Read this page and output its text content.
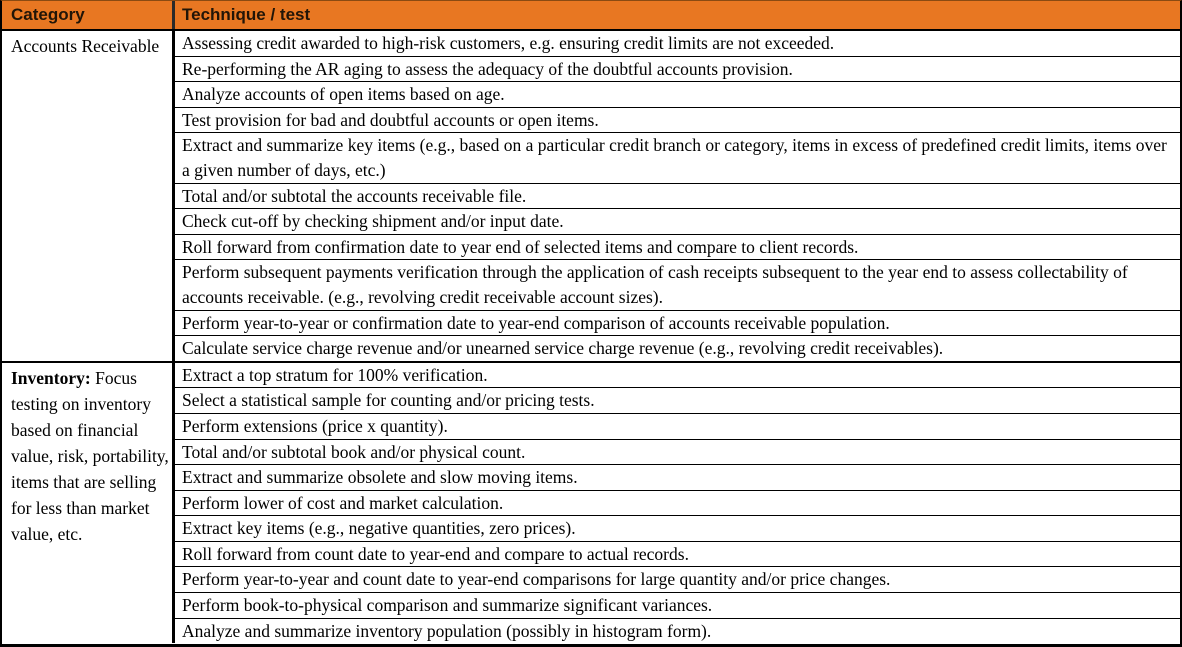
Category	Technique / test
Accounts Receivable	Assessing credit awarded to high-risk customers, e.g. ensuring credit limits are not exceeded.
Re-performing the AR aging to assess the adequacy of the doubtful accounts provision.
Analyze accounts of open items based on age.
Test provision for bad and doubtful accounts or open items.
Extract and summarize key items (e.g., based on a particular credit branch or category, items in excess of predefined credit limits, items over a given number of days, etc.)
Total and/or subtotal the accounts receivable file.
Check cut-off by checking shipment and/or input date.
Roll forward from confirmation date to year end of selected items and compare to client records.
Perform subsequent payments verification through the application of cash receipts subsequent to the year end to assess collectability of accounts receivable. (e.g., revolving credit receivable account sizes).
Perform year-to-year or confirmation date to year-end comparison of accounts receivable population.
Calculate service charge revenue and/or unearned service charge revenue (e.g., revolving credit receivables).
Inventory: Focus testing on inventory based on financial value, risk, portability, items that are selling for less than market value, etc.
Extract a top stratum for 100% verification.
Select a statistical sample for counting and/or pricing tests.
Perform extensions (price x quantity).
Total and/or subtotal book and/or physical count.
Extract and summarize obsolete and slow moving items.
Perform lower of cost and market calculation.
Extract key items (e.g., negative quantities, zero prices).
Roll forward from count date to year-end and compare to actual records.
Perform year-to-year and count date to year-end comparisons for large quantity and/or price changes.
Perform book-to-physical comparison and summarize significant variances.
Analyze and summarize inventory population (possibly in histogram form).
